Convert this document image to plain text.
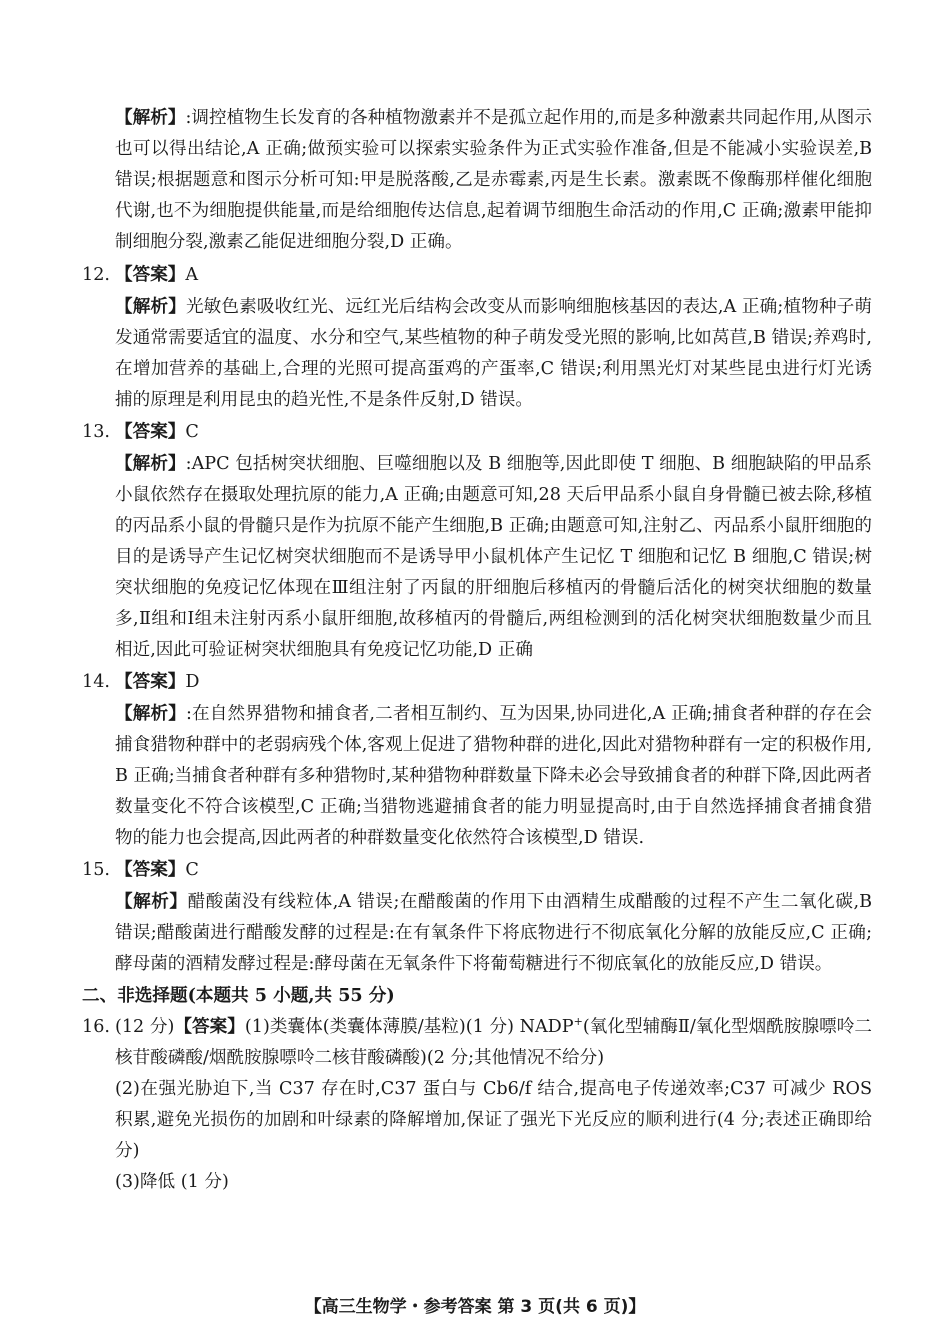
【解析】:调控植物生长发育的各种植物激素并不是孤立起作用的,而是多种激素共同起作用,从图示也可以得出结论,A 正确;做预实验可以探索实验条件为正式实验作准备,但是不能减小实验误差,B 错误;根据题意和图示分析可知:甲是脱落酸,乙是赤霉素,丙是生长素。激素既不像酶那样催化细胞代谢,也不为细胞提供能量,而是给细胞传达信息,起着调节细胞生命活动的作用,C 正确;激素甲能抑制细胞分裂,激素乙能促进细胞分裂,D 正确。

12. 【答案】A

【解析】光敏色素吸收红光、远红光后结构会改变从而影响细胞核基因的表达,A 正确;植物种子萌发通常需要适宜的温度、水分和空气,某些植物的种子萌发受光照的影响,比如莴苣,B 错误;养鸡时,在增加营养的基础上,合理的光照可提高蛋鸡的产蛋率,C 错误;利用黑光灯对某些昆虫进行灯光诱捕的原理是利用昆虫的趋光性,不是条件反射,D 错误。

13. 【答案】C

【解析】:APC 包括树突状细胞、巨噬细胞以及 B 细胞等,因此即使 T 细胞、B 细胞缺陷的甲品系小鼠依然存在摄取处理抗原的能力,A 正确;由题意可知,28 天后甲品系小鼠自身骨髓已被去除,移植的丙品系小鼠的骨髓只是作为抗原不能产生细胞,B 正确;由题意可知,注射乙、丙品系小鼠肝细胞的目的是诱导产生记忆树突状细胞而不是诱导甲小鼠机体产生记忆 T 细胞和记忆 B 细胞,C 错误;树突状细胞的免疫记忆体现在Ⅲ组注射了丙鼠的肝细胞后移植丙的骨髓后活化的树突状细胞的数量多,Ⅱ组和Ⅰ组未注射丙系小鼠肝细胞,故移植丙的骨髓后,两组检测到的活化树突状细胞数量少而且相近,因此可验证树突状细胞具有免疫记忆功能,D 正确

14. 【答案】D

【解析】:在自然界猎物和捕食者,二者相互制约、互为因果,协同进化,A 正确;捕食者种群的存在会捕食猎物种群中的老弱病残个体,客观上促进了猎物种群的进化,因此对猎物种群有一定的积极作用,B 正确;当捕食者种群有多种猎物时,某种猎物种群数量下降未必会导致捕食者的种群下降,因此两者数量变化不符合该模型,C 正确;当猎物逃避捕食者的能力明显提高时,由于自然选择捕食者捕食猎物的能力也会提高,因此两者的种群数量变化依然符合该模型,D 错误.

15. 【答案】C

【解析】醋酸菌没有线粒体,A 错误;在醋酸菌的作用下由酒精生成醋酸的过程不产生二氧化碳,B 错误;醋酸菌进行醋酸发酵的过程是:在有氧条件下将底物进行不彻底氧化分解的放能反应,C 正确;酵母菌的酒精发酵过程是:酵母菌在无氧条件下将葡萄糖进行不彻底氧化的放能反应,D 错误。

二、非选择题(本题共 5 小题,共 55 分)

16. (12 分)【答案】(1)类囊体(类囊体薄膜/基粒)(1 分) NADP+(氧化型辅酶Ⅱ/氧化型烟酰胺腺嘌呤二核苷酸磷酸/烟酰胺腺嘌呤二核苷酸磷酸)(2 分;其他情况不给分)

(2)在强光胁迫下,当 C37 存在时,C37 蛋白与 Cb6/f 结合,提高电子传递效率;C37 可减少 ROS 积累,避免光损伤的加剧和叶绿素的降解增加,保证了强光下光反应的顺利进行(4 分;表述正确即给分)

(3)降低 (1 分)

【高三生物学・参考答案 第 3 页(共 6 页)】
